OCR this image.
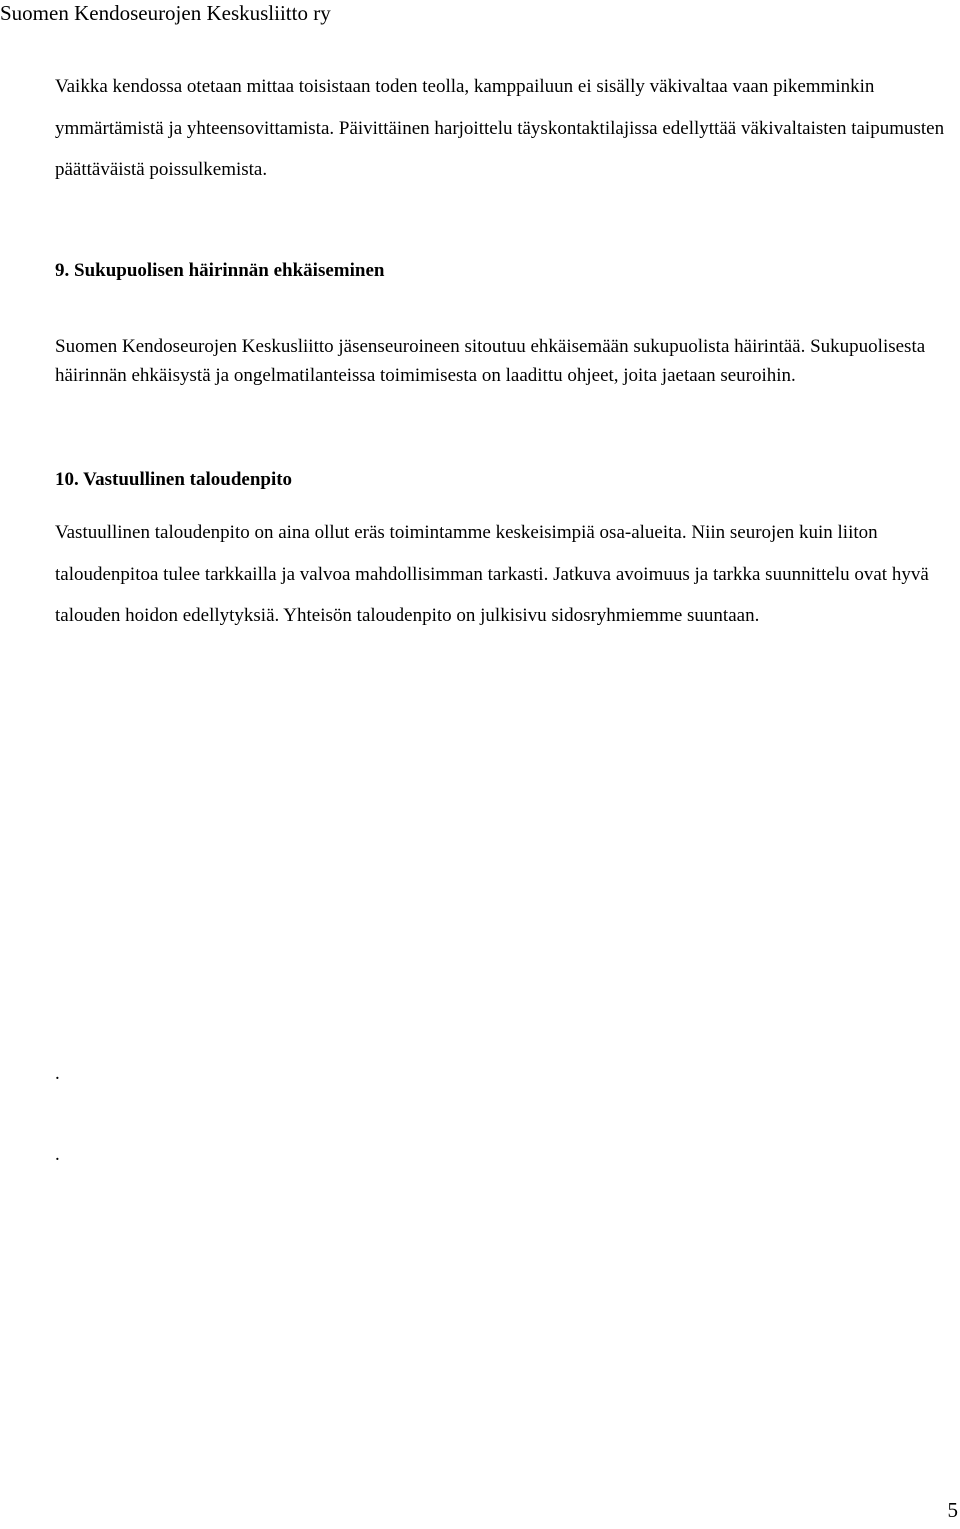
Suomen Kendoseurojen Keskusliitto ry

Vaikka kendossa otetaan mittaa toisistaan toden teolla, kamppailuun ei sisälly väkivaltaa vaan pikemminkin ymmärtämistä ja yhteensovittamista. Päivittäinen harjoittelu täyskontaktilajissa edellyttää väkivaltaisten taipumusten päättäväistä poissulkemista.

9. Sukupuolisen häirinnän ehkäiseminen

Suomen Kendoseurojen Keskusliitto jäsenseuroineen sitoutuu ehkäisemään sukupuolista häirintää. Sukupuolisesta häirinnän ehkäisystä ja ongelmatilanteissa toimimisesta on laadittu ohjeet, joita jaetaan seuroihin.

10. Vastuullinen taloudenpito

Vastuullinen taloudenpito on aina ollut eräs toimintamme keskeisimpiä osa-alueita. Niin seurojen kuin liiton taloudenpitoa tulee tarkkailla ja valvoa mahdollisimman tarkasti. Jatkuva avoimuus ja tarkka suunnittelu ovat hyvä talouden hoidon edellytyksiä. Yhteisön taloudenpito on julkisivu sidosryhmiemme suuntaan.

.
.
5
